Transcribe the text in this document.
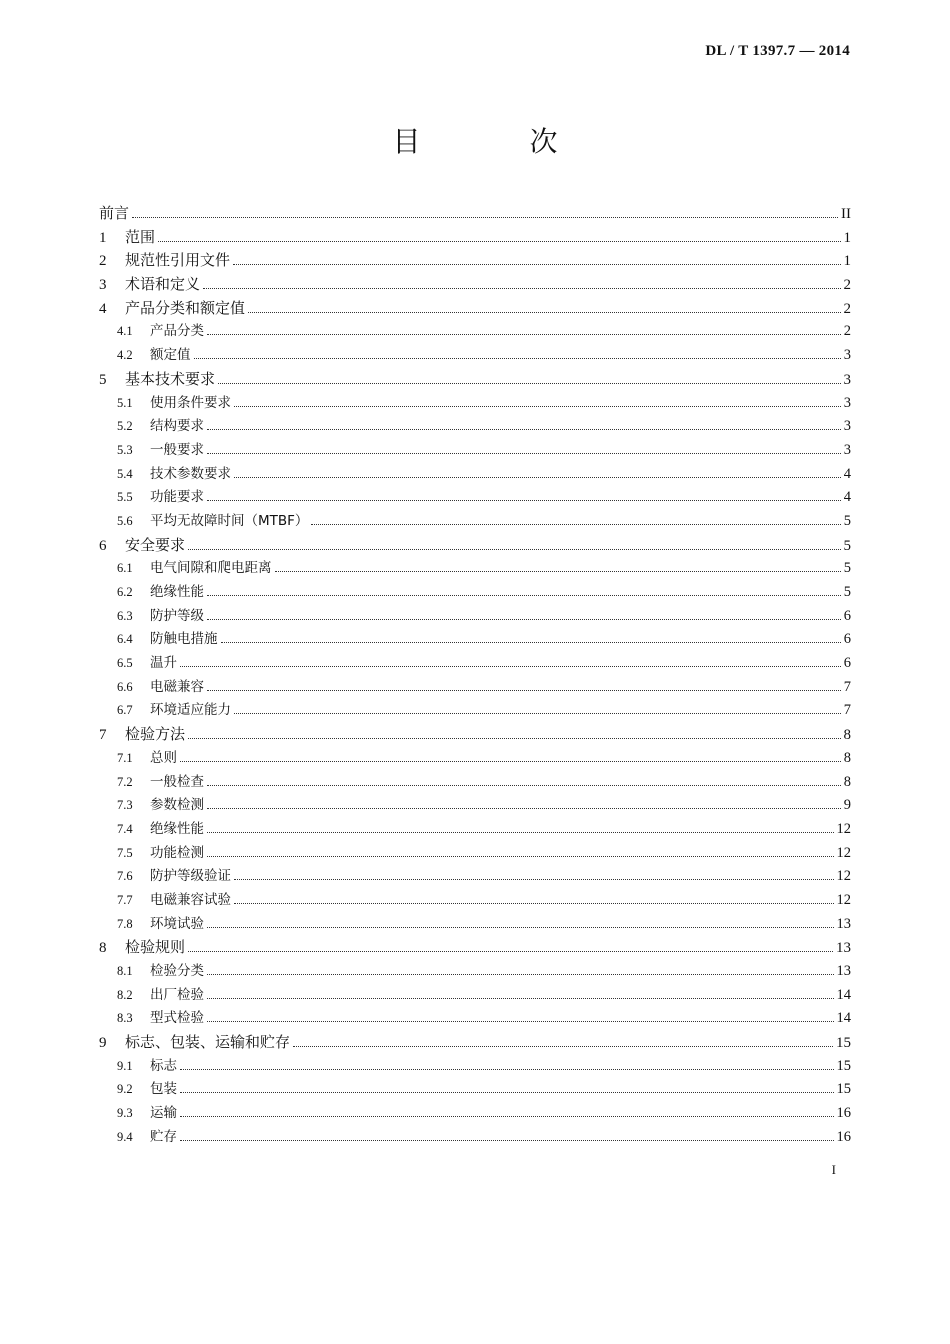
DL / T 1397.7 — 2014
目 次
前言	II
1	范围	1
2	规范性引用文件	1
3	术语和定义	2
4	产品分类和额定值	2
4.1	产品分类	2
4.2	额定值	3
5	基本技术要求	3
5.1	使用条件要求	3
5.2	结构要求	3
5.3	一般要求	3
5.4	技术参数要求	4
5.5	功能要求	4
5.6	平均无故障时间（MTBF）	5
6	安全要求	5
6.1	电气间隙和爬电距离	5
6.2	绝缘性能	5
6.3	防护等级	6
6.4	防触电措施	6
6.5	温升	6
6.6	电磁兼容	7
6.7	环境适应能力	7
7	检验方法	8
7.1	总则	8
7.2	一般检查	8
7.3	参数检测	9
7.4	绝缘性能	12
7.5	功能检测	12
7.6	防护等级验证	12
7.7	电磁兼容试验	12
7.8	环境试验	13
8	检验规则	13
8.1	检验分类	13
8.2	出厂检验	14
8.3	型式检验	14
9	标志、包装、运输和贮存	15
9.1	标志	15
9.2	包装	15
9.3	运输	16
9.4	贮存	16
I
